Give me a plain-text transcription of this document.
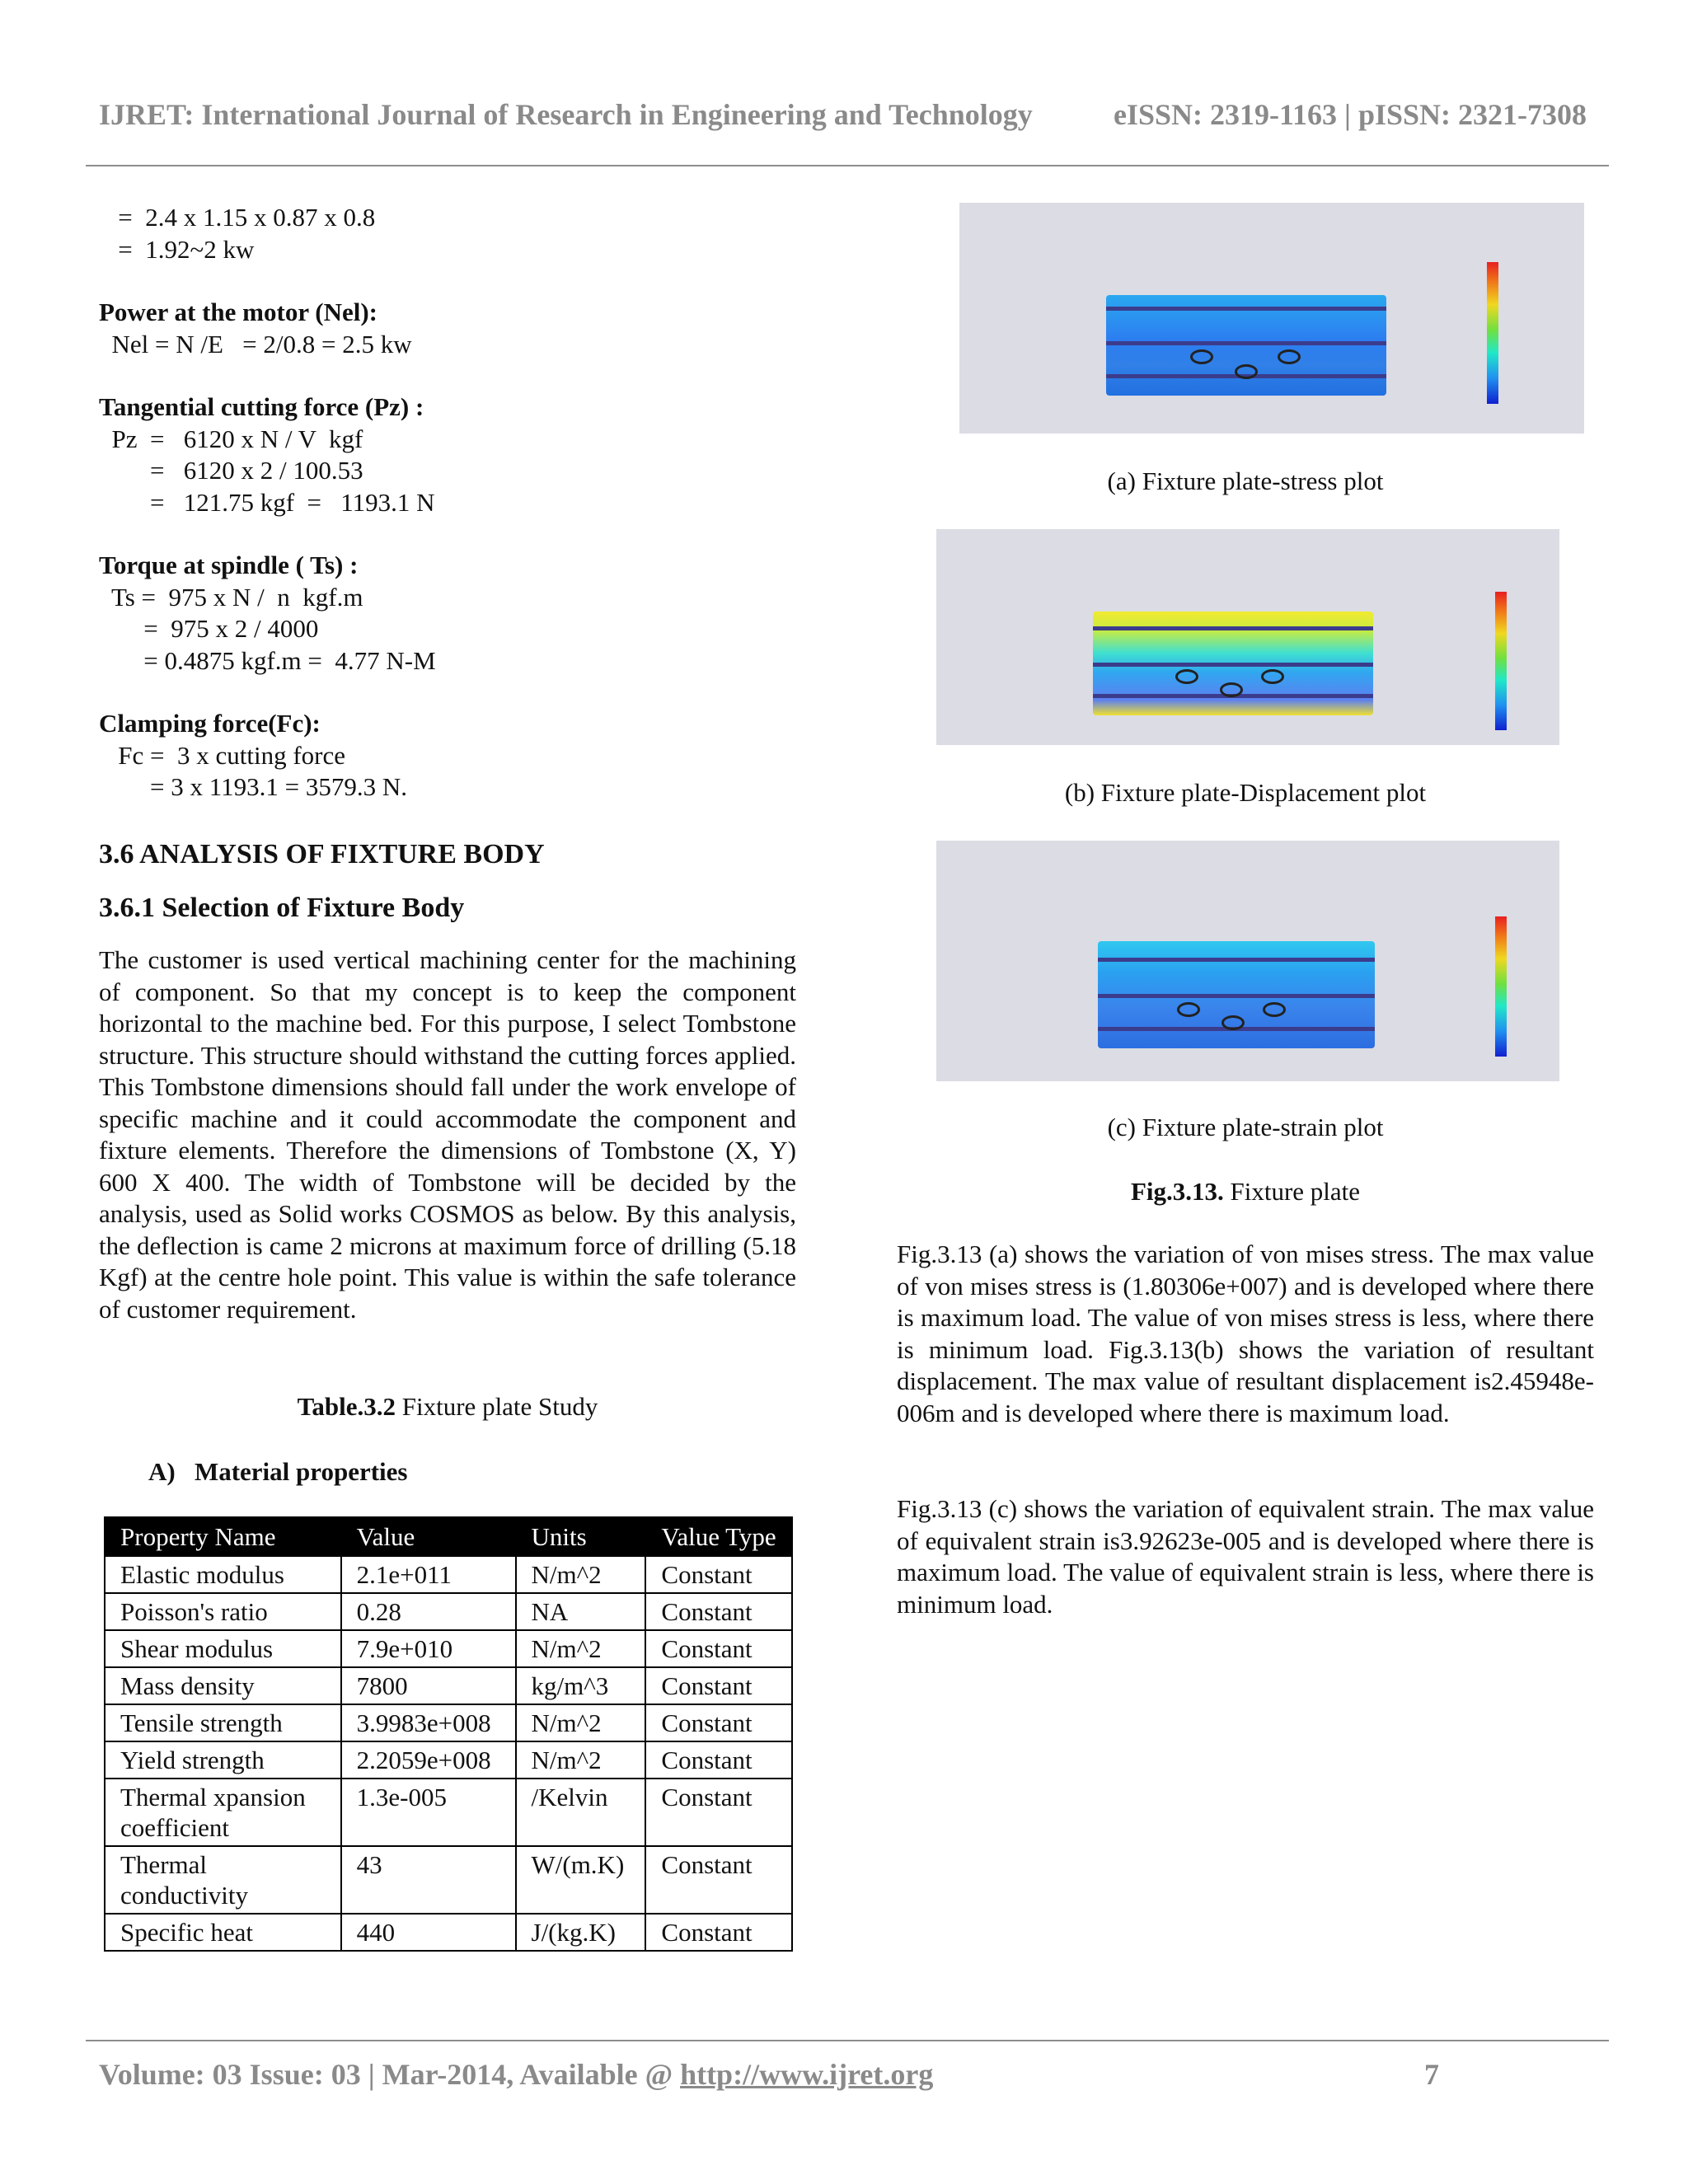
IJRET: International Journal of Research in Engineering and Technology	eISSN: 2319-1163 | pISSN: 2321-7308
=  2.4 x 1.15 x 0.87 x 0.8
=  1.92~2 kw
Power at the motor (Nel):
Nel = N /E   = 2/0.8 = 2.5 kw
Tangential cutting force (Pz) :
Pz  =   6120 x N / V  kgf
=   6120 x 2 / 100.53
=   121.75 kgf  =   1193.1 N
Torque at spindle ( Ts) :
Ts =  975 x N /  n  kgf.m
=  975 x 2 / 4000
= 0.4875 kgf.m =  4.77 N-M
Clamping force(Fc):
Fc =  3 x cutting force
= 3 x 1193.1 = 3579.3 N.
3.6 ANALYSIS OF FIXTURE BODY
3.6.1 Selection of Fixture Body
The customer is used vertical machining center for the machining of component. So that my concept is to keep the component horizontal to the machine bed. For this purpose, I select Tombstone structure. This structure should withstand the cutting forces applied. This Tombstone dimensions should fall under the work envelope of specific machine and it could accommodate the component and fixture elements. Therefore the dimensions of Tombstone (X, Y) 600 X 400. The width of Tombstone will be decided by the analysis, used as Solid works COSMOS as below. By this analysis, the deflection is came 2 microns at maximum force of drilling (5.18 Kgf) at the centre hole point. This value is within the safe tolerance of customer requirement.
Table.3.2 Fixture plate Study
A)   Material properties
Property Name	Value	Units	Value Type
Elastic modulus	2.1e+011	N/m^2	Constant
Poisson's ratio	0.28	NA	Constant
Shear modulus	7.9e+010	N/m^2	Constant
Mass density	7800	kg/m^3	Constant
Tensile strength	3.9983e+008	N/m^2	Constant
Yield strength	2.2059e+008	N/m^2	Constant
Thermal xpansion coefficient	1.3e-005	/Kelvin	Constant
Thermal conductivity	43	W/(m.K)	Constant
Specific heat	440	J/(kg.K)	Constant
(a) Fixture plate-stress plot
(b) Fixture plate-Displacement plot
(c) Fixture plate-strain plot
Fig.3.13. Fixture plate
Fig.3.13 (a) shows the variation of von mises stress. The max value of von mises stress is (1.80306e+007) and is developed where there is maximum load. The value of von mises stress is less, where there is minimum load. Fig.3.13(b) shows the variation of resultant displacement. The max value of resultant displacement is2.45948e-006m and is developed where there is maximum load.
Fig.3.13 (c) shows the variation of equivalent strain. The max value of equivalent strain is3.92623e-005 and is developed where there is maximum load. The value of equivalent strain is less, where there is minimum load.
Volume: 03 Issue: 03 | Mar-2014, Available @ http://www.ijret.org	7
